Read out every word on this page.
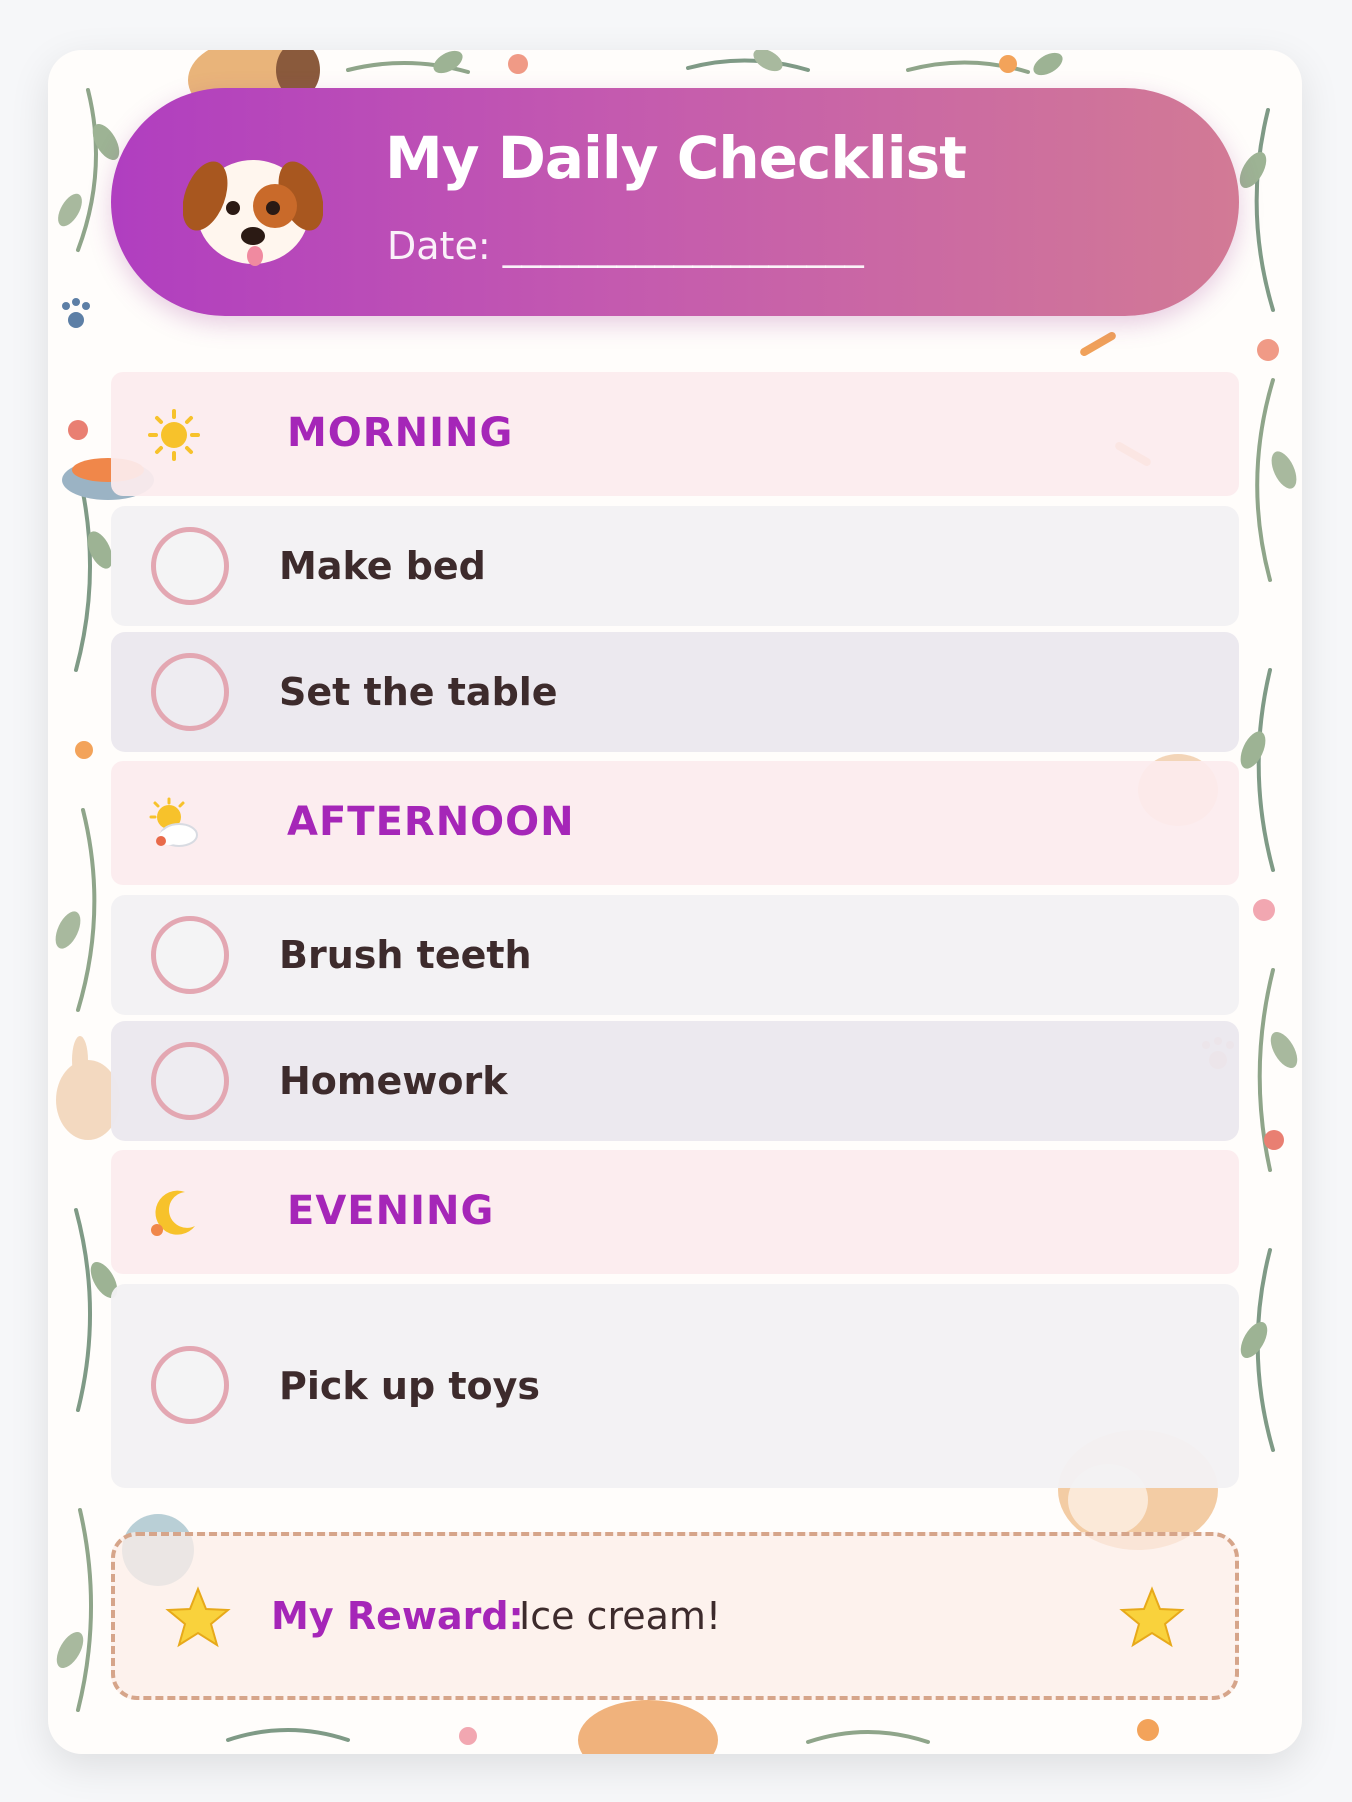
My Daily Checklist
Date: ___________________
MORNING
Make bed
Set the table
AFTERNOON
Brush teeth
Homework
EVENING
Pick up toys
My Reward:
Ice cream!
